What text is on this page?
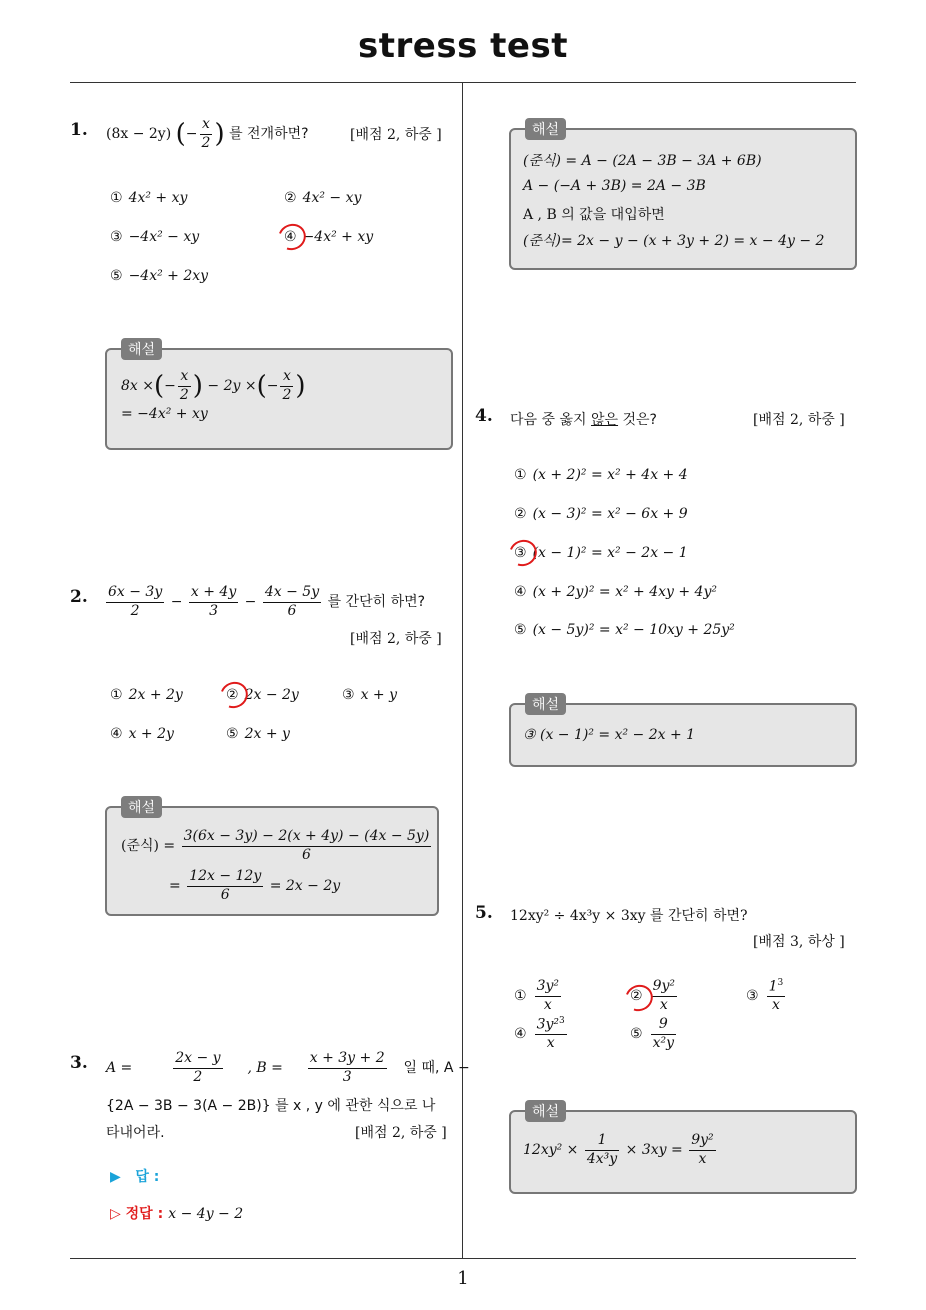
stress test
1
1. (8x − 2y) (− $\frac{x}{2}$ ) 를 전개하면?	[배점 2, 하중 ]
① 4x² + xy	② 4x² − xy
③ −4x² − xy	④ −4x² + xy
⑤ −4x² + 2xy
해설
8x ×(− $\frac{x}{2}$ ) − 2y ×(− $\frac{x}{2}$ )
= −4x² + xy
2. $\frac{6x - 3y}{2} - \frac{x + 4y}{3} - \frac{4x - 5y}{6}$ 를 간단히 하면?
[배점 2, 하중 ]
① 2x + 2y	② 2x − 2y	③ x + y
④ x + 2y	⑤ 2x + y
해설
(준식) = $\frac{3(6x - 3y) - 2(x + 4y) - (4x - 5y)}{6}$
= $\frac{12x - 12y}{6} = 2x - 2y$
3. A =	$\frac{2x - y}{2}$ , $B = \frac{x + 3y + 2}{3}$ 일 때, A −
{2A − 3B − 3(A − 2B)} 를 x , y 에 관한 식으로 나
타내어라.	[배점 2, 하중 ]
▶   답 :
▷ 정답 : x − 4y − 2
해설
(준식) = A − (2A − 3B − 3A + 6B)
A − (−A + 3B) = 2A − 3B
A , B 의 값을 대입하면
(준식)= 2x − y − (x + 3y + 2) = x − 4y − 2
4. 다음 중 옳지 않은 것은?	[배점 2, 하중 ]
① (x + 2)² = x² + 4x + 4
② (x − 3)² = x² − 6x + 9
③ (x − 1)² = x² − 2x − 1
④ (x + 2y)² = x² + 4xy + 4y²
⑤ (x − 5y)² = x² − 10xy + 25y²
해설
③ (x − 1)² = x² − 2x + 1
5. 12xy² ÷ 4x³y × 3xy 를 간단히 하면?
[배점 3, 하상 ]
① $\frac{\text{3y²}}{x}$	② $\frac{\text{9y²}}{x}$	③ $\frac{1^3}{x}$
④ $\frac{3y^2^3}{x}$	⑤ $\frac{9}{\text{x²y}}$
해설
$12xy^2 \times \frac{1}{\text{4x³y}} \times 3xy = \frac{\text{9y²}}{x}$
